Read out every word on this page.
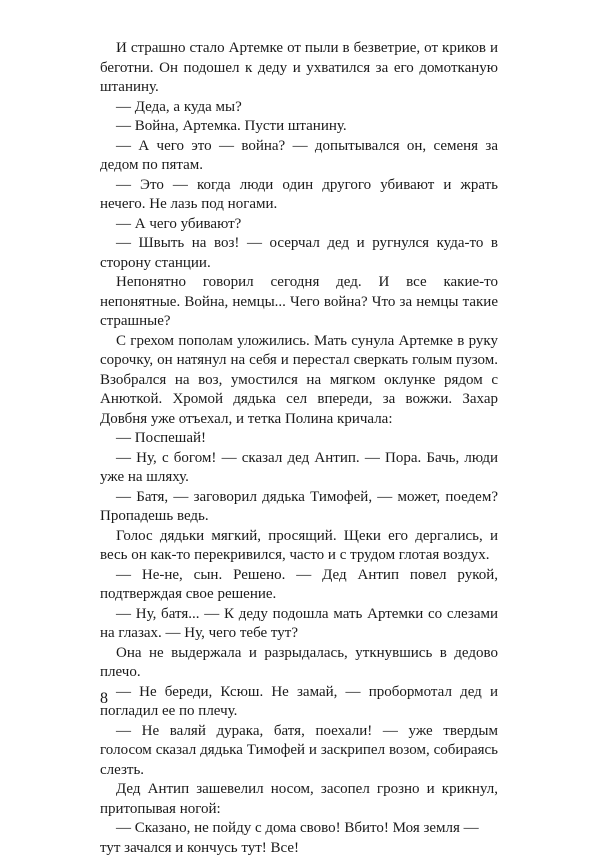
И страшно стало Артемке от пыли в безветрие, от криков и беготни. Он подошел к деду и ухватился за его домотканую штанину.

— Деда, а куда мы?

— Война, Артемка. Пусти штанину.

— А чего это — война? — допытывался он, семеня за дедом по пятам.

— Это — когда люди один другого убивают и жрать нечего. Не лазь под ногами.

— А чего убивают?

— Швыть на воз! — осерчал дед и ругнулся куда-то в сторону станции.

Непонятно говорил сегодня дед. И все какие-то непонятные. Война, немцы... Чего война? Что за немцы такие страшные?

С грехом пополам уложились. Мать сунула Артемке в руку сорочку, он натянул на себя и перестал сверкать голым пузом. Взобрался на воз, умостился на мягком оклунке рядом с Анюткой. Хромой дядька сел впереди, за вожжи. Захар Довбня уже отъехал, и тетка Полина кричала:

— Поспешай!

— Ну, с богом! — сказал дед Антип. — Пора. Бачь, люди уже на шляху.

— Батя, — заговорил дядька Тимофей, — может, поедем? Пропадешь ведь.

Голос дядьки мягкий, просящий. Щеки его дергались, и весь он как-то перекривился, часто и с трудом глотая воздух.

— Не-не, сын. Решено. — Дед Антип повел рукой, подтверждая свое решение.

— Ну, батя... — К деду подошла мать Артемки со слезами на глазах. — Ну, чего тебе тут?

Она не выдержала и разрыдалась, уткнувшись в дедово плечо.

— Не береди, Ксюш. Не замай, — пробормотал дед и погладил ее по плечу.

— Не валяй дурака, батя, поехали! — уже твердым голосом сказал дядька Тимофей и заскрипел возом, собираясь слезть.

Дед Антип зашевелил носом, засопел грозно и крикнул, притопывая ногой:

— Сказано, не пойду с дома свово! Вбито! Моя земля — тут зачался и кончусь тут! Все!

8
